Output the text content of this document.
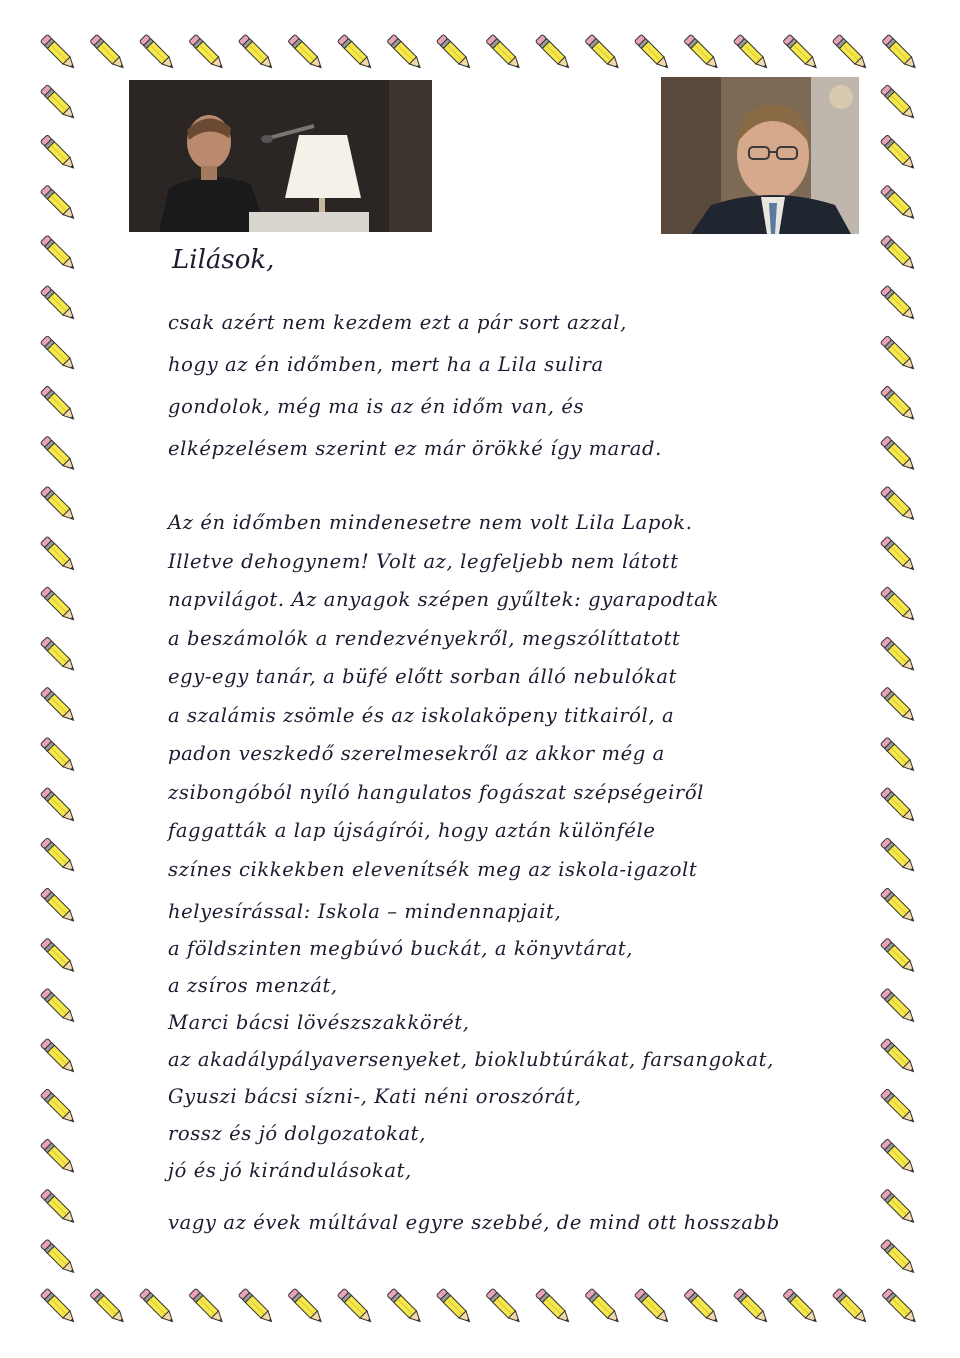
Lilások,

csak azért nem kezdem ezt a pár sort azzal,

hogy az én időmben, mert ha a Lila sulira

gondolok, még ma is az én időm van, és

elképzelésem szerint ez már örökké így marad.

Az én időmben mindenesetre nem volt Lila Lapok.

Illetve dehogynem! Volt az, legfeljebb nem látott

napvilágot. Az anyagok szépen gyűltek: gyarapodtak

a beszámolók a rendezvényekről, megszólíttatott

egy-egy tanár, a büfé előtt sorban álló nebulókat

a szalámis zsömle és az iskolaköpeny titkairól, a

padon veszkedő szerelmesekről az akkor még a

zsibongóból nyíló hangulatos fogászat szépségeiről

faggatták a lap újságírói, hogy aztán különféle

színes cikkekben elevenítsék meg az iskola-igazolt

helyesírással: Iskola – mindennapjait,

a földszinten megbúvó buckát, a könyvtárat,

a zsíros menzát,

Marci bácsi lövészszakkörét,

az akadálypályaversenyeket, bioklubtúrákat, farsangokat,

Gyuszi bácsi sízni-, Kati néni oroszórát,

rossz és jó dolgozatokat,

jó és jó kirándulásokat,

vagy az évek múltával egyre szebbé, de mind ott hosszabb
